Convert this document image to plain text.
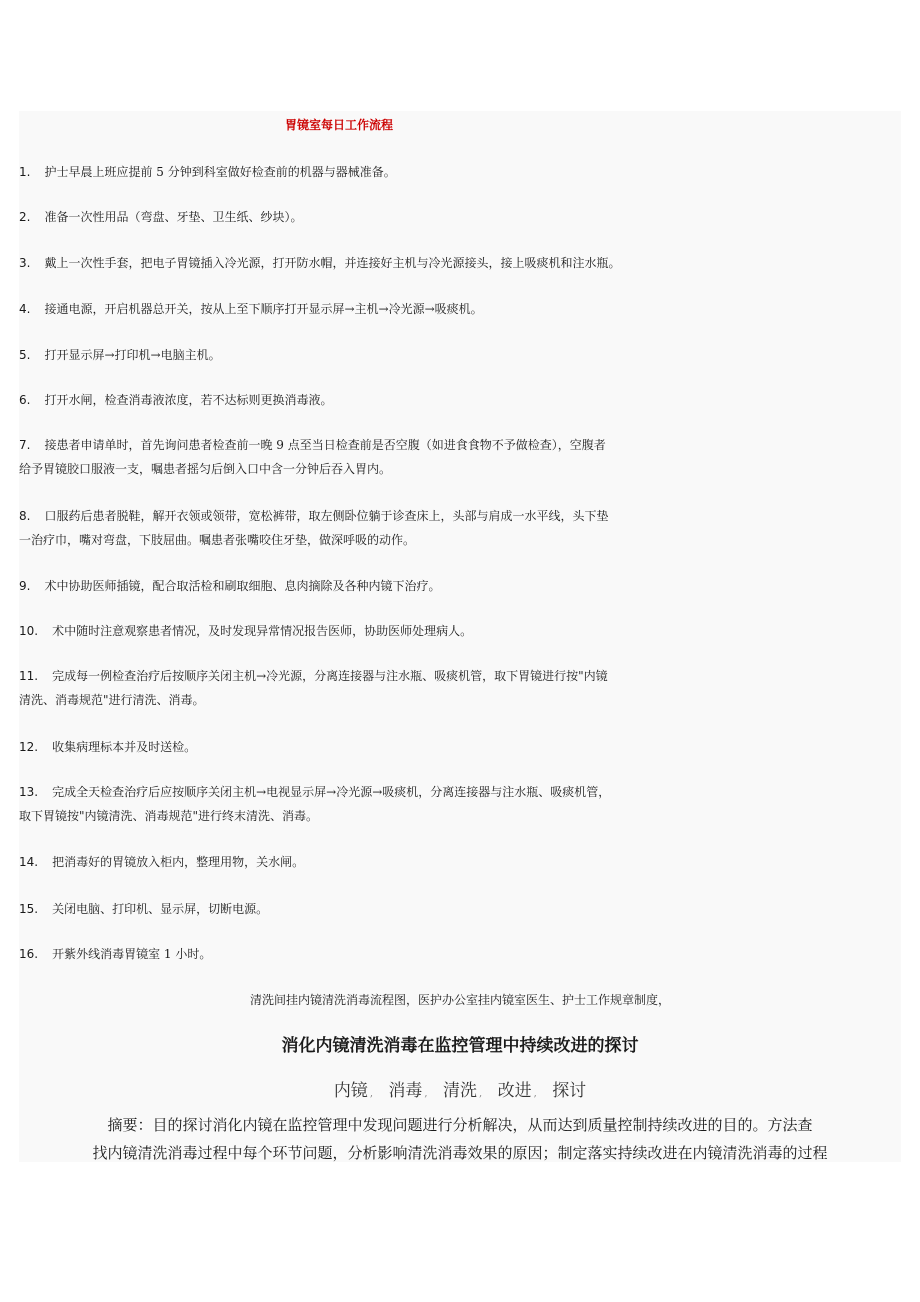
胃镜室每日工作流程
1. 护士早晨上班应提前 5 分钟到科室做好检查前的机器与器械准备。
2. 准备一次性用品（弯盘、牙垫、卫生纸、纱块）。
3. 戴上一次性手套，把电子胃镜插入冷光源，打开防水帽，并连接好主机与冷光源接头，接上吸痰机和注水瓶。
4. 接通电源，开启机器总开关，按从上至下顺序打开显示屏→主机→冷光源→吸痰机。
5. 打开显示屏→打印机→电脑主机。
6. 打开水闸，检查消毒液浓度，若不达标则更换消毒液。
7. 接患者申请单时，首先询问患者检查前一晚 9 点至当日检查前是否空腹（如进食食物不予做检查），空腹者
给予胃镜胶口服液一支，嘱患者摇匀后倒入口中含一分钟后吞入胃内。
8. 口服药后患者脱鞋，解开衣领或领带，宽松裤带，取左侧卧位躺于诊查床上，头部与肩成一水平线，头下垫
一治疗巾，嘴对弯盘，下肢屈曲。嘱患者张嘴咬住牙垫，做深呼吸的动作。
9. 术中协助医师插镜，配合取活检和刷取细胞、息肉摘除及各种内镜下治疗。
10. 术中随时注意观察患者情况，及时发现异常情况报告医师，协助医师处理病人。
11. 完成每一例检查治疗后按顺序关闭主机→冷光源，分离连接器与注水瓶、吸痰机管，取下胃镜进行按"内镜
清洗、消毒规范"进行清洗、消毒。
12. 收集病理标本并及时送检。
13. 完成全天检查治疗后应按顺序关闭主机→电视显示屏→冷光源→吸痰机，分离连接器与注水瓶、吸痰机管，
取下胃镜按"内镜清洗、消毒规范"进行终末清洗、消毒。
14. 把消毒好的胃镜放入柜内，整理用物，关水闸。
15. 关闭电脑、打印机、显示屏，切断电源。
16. 开紫外线消毒胃镜室 1 小时。
清洗间挂内镜清洗消毒流程图，医护办公室挂内镜室医生、护士工作规章制度，
消化内镜清洗消毒在监控管理中持续改进的探讨
内镜 , 消毒 , 清洗 , 改进 , 探讨
摘要：目的探讨消化内镜在监控管理中发现问题进行分析解决，从而达到质量控制持续改进的目的。方法查
找内镜清洗消毒过程中每个环节问题，分析影响清洗消毒效果的原因；制定落实持续改进在内镜清洗消毒的过程
